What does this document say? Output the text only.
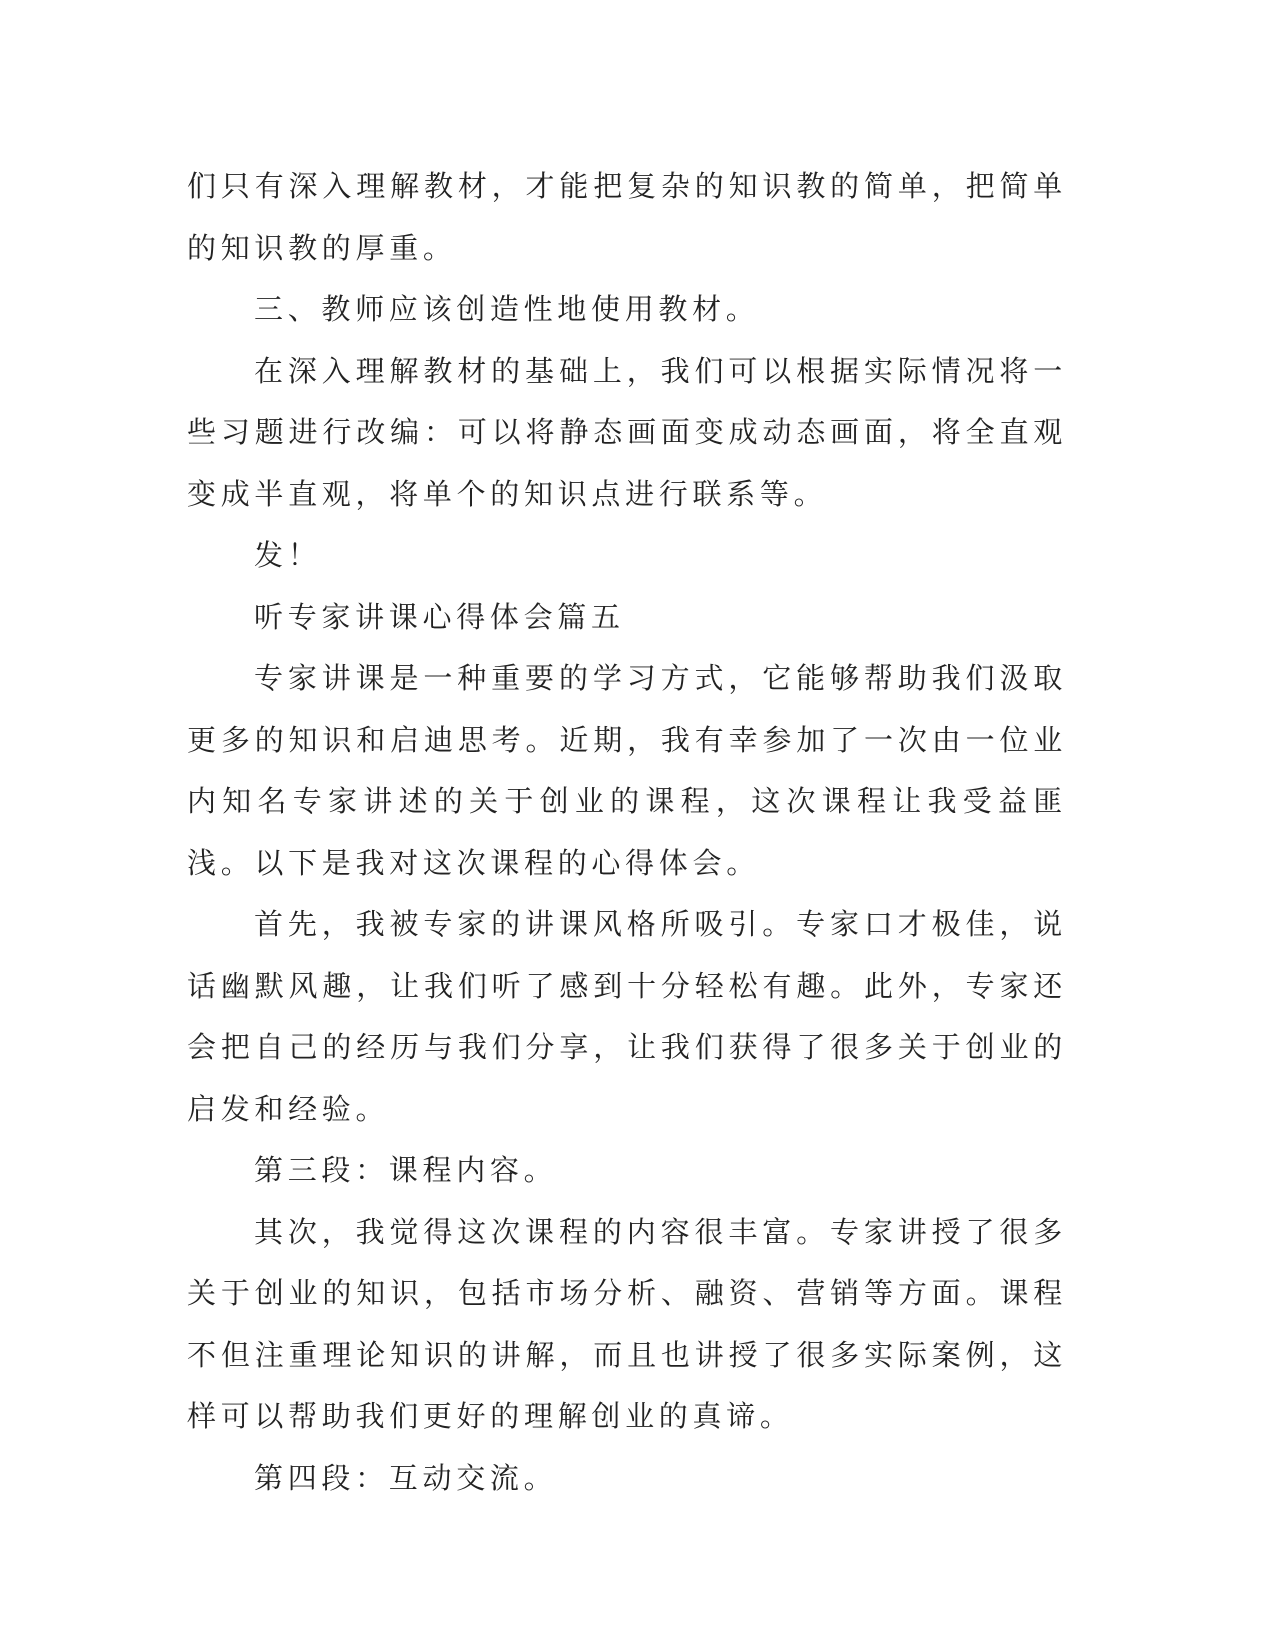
们只有深入理解教材，才能把复杂的知识教的简单，把简单的知识教的厚重。

三、教师应该创造性地使用教材。

在深入理解教材的基础上，我们可以根据实际情况将一些习题进行改编：可以将静态画面变成动态画面，将全直观变成半直观，将单个的知识点进行联系等。

发！

听专家讲课心得体会篇五

专家讲课是一种重要的学习方式，它能够帮助我们汲取更多的知识和启迪思考。近期，我有幸参加了一次由一位业内知名专家讲述的关于创业的课程，这次课程让我受益匪浅。以下是我对这次课程的心得体会。

首先，我被专家的讲课风格所吸引。专家口才极佳，说话幽默风趣，让我们听了感到十分轻松有趣。此外，专家还会把自己的经历与我们分享，让我们获得了很多关于创业的启发和经验。

第三段：课程内容。

其次，我觉得这次课程的内容很丰富。专家讲授了很多关于创业的知识，包括市场分析、融资、营销等方面。课程不但注重理论知识的讲解，而且也讲授了很多实际案例，这样可以帮助我们更好的理解创业的真谛。

第四段：互动交流。
